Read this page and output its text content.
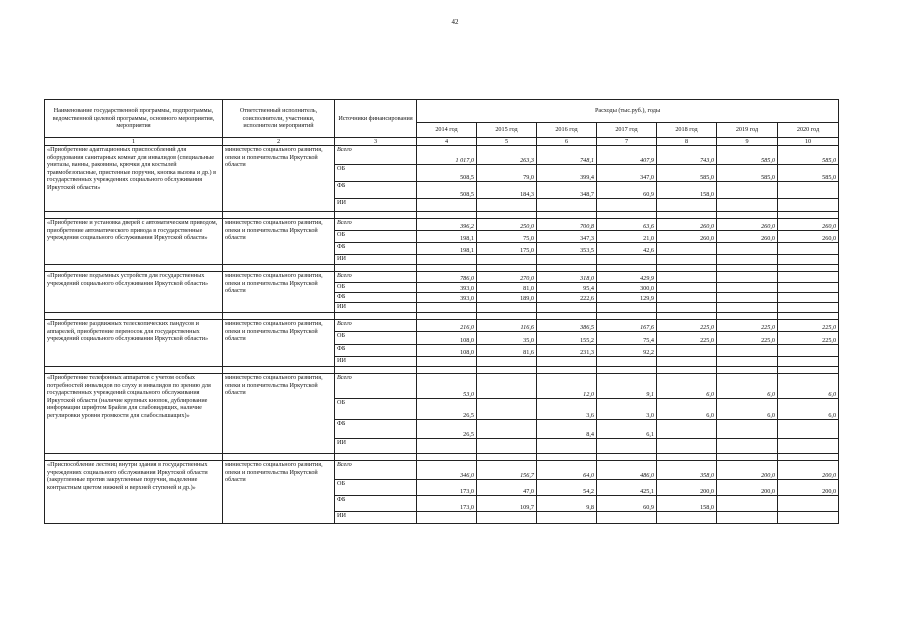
42
Наименование государственной программы, подпрограммы, ведомственной целевой программы, основного мероприятия, мероприятия	Ответственный исполнитель, соисполнители, участники, исполнители мероприятий	Источники финансирования	Расходы (тыс.руб.), годы						
			2014 год	2015 год	2016 год	2017 год	2018 год	2019 год	2020 год
1	2	3	4	5	6	7	8	9	10
«Приобретение адаптационных приспособлений для оборудования санитарных комнат для инвалидов (специальные унитазы, ванны, раковины, крючки для костылей травмобезопасные, пристенные поручни, кнопка вызова и др.) в государственных учреждениях социального обслуживания Иркутской области»	министерство социального развития, опеки и попечительства Иркутской области	Всего	1 017,0	263,3	748,1	407,9	743,0	585,0	585,0
		ОБ	508,5	79,0	399,4	347,0	585,0	585,0	585,0
		ФБ	508,5	184,3	348,7	60,9	158,0		
		ИИ							

«Приобретение и установка дверей с автоматическим приводом, приобретение автоматического привода в государственные учреждения социального обслуживания Иркутской области»	министерство социального развития, опеки и попечительства Иркутской области	Всего	396,2	250,0	700,8	63,6	260,0	260,0	260,0
		ОБ	198,1	75,0	347,3	21,0	260,0	260,0	260,0
		ФБ	198,1	175,0	353,5	42,6			
		ИИ							

«Приобретение подъемных устройств для государственных учреждений социального обслуживания Иркутской области»	министерство социального развития, опеки и попечительства Иркутской области	Всего	786,0	270,0	318,0	429,9			
		ОБ	393,0	81,0	95,4	300,0			
		ФБ	393,0	189,0	222,6	129,9			
		ИИ							

«Приобретение раздвижных телескопических пандусов и аппарелей, приобретение переносок для государственных учреждений социального обслуживания Иркутской области»	министерство социального развития, опеки и попечительства Иркутской области	Всего	216,0	116,6	386,5	167,6	225,0	225,0	225,0
		ОБ	108,0	35,0	155,2	75,4	225,0	225,0	225,0
		ФБ	108,0	81,6	231,3	92,2			
		ИИ							

«Приобретение телефонных аппаратов с учетом особых потребностей инвалидов по слуху и инвалидов по зрению для государственных учреждений социального обслуживания Иркутской области (наличие крупных кнопок, дублирование информации шрифтом Брайля для слабовидящих, наличие регулировки уровня громкости для слабослышащих)»	министерство социального развития, опеки и попечительства Иркутской области	Всего	53,0		12,0	9,1	6,0	6,0	6,0
		ОБ	26,5		3,6	3,0	6,0	6,0	6,0
		ФБ	26,5		8,4	6,1			
		ИИ							

«Приспособление лестниц внутри здания в государственных учреждениях социального обслуживания Иркутской области (закругленные против закругленные поручни, выделение контрастным цветом нижней и верхней ступеней и др.)»	министерство социального развития, опеки и попечительства Иркутской области	Всего	346,0	156,7	64,0	486,0	358,0	200,0	200,0
		ОБ	173,0	47,0	54,2	425,1	200,0	200,0	200,0
		ФБ	173,0	109,7	9,8	60,9	158,0		
		ИИ							
